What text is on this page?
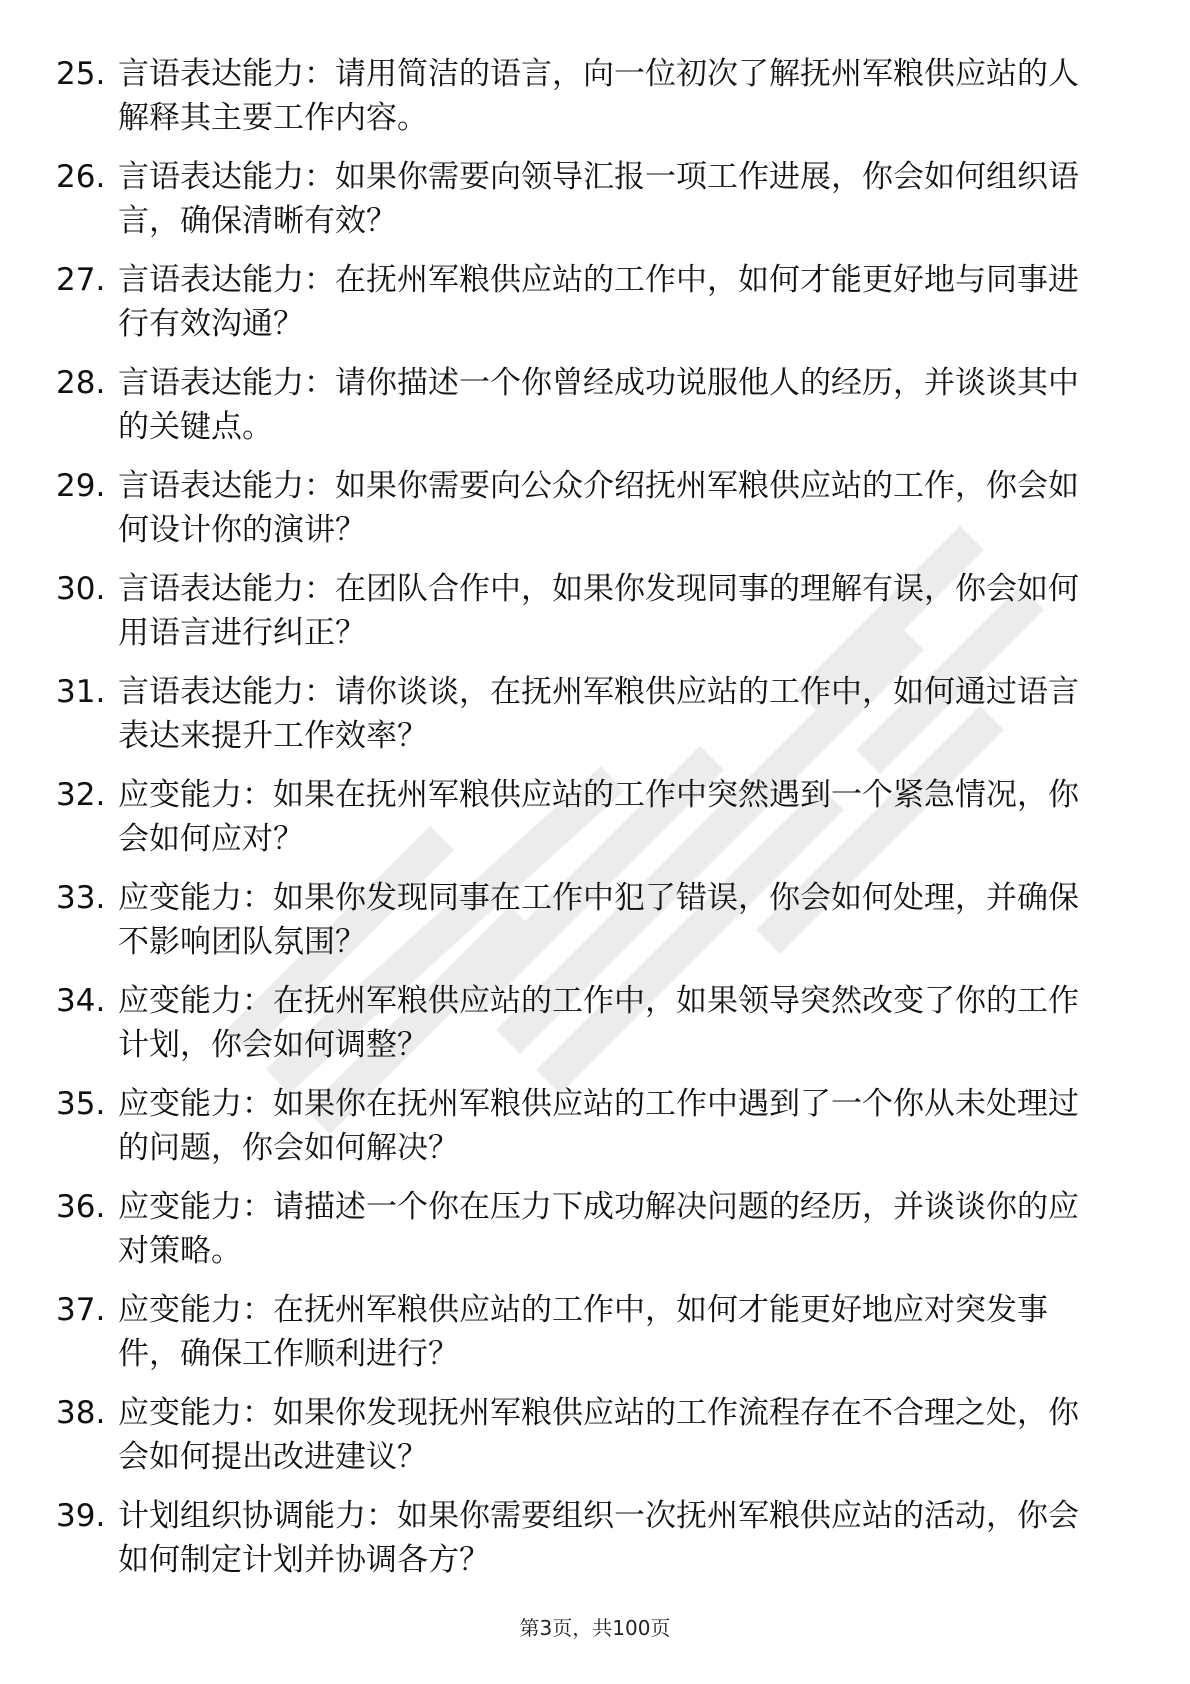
25. 言语表达能力：请用简洁的语言，向一位初次了解抚州军粮供应站的人解释其主要工作内容。
26. 言语表达能力：如果你需要向领导汇报一项工作进展，你会如何组织语言，确保清晰有效？
27. 言语表达能力：在抚州军粮供应站的工作中，如何才能更好地与同事进行有效沟通？
28. 言语表达能力：请你描述一个你曾经成功说服他人的经历，并谈谈其中的关键点。
29. 言语表达能力：如果你需要向公众介绍抚州军粮供应站的工作，你会如何设计你的演讲？
30. 言语表达能力：在团队合作中，如果你发现同事的理解有误，你会如何用语言进行纠正？
31. 言语表达能力：请你谈谈，在抚州军粮供应站的工作中，如何通过语言表达来提升工作效率？
32. 应变能力：如果在抚州军粮供应站的工作中突然遇到一个紧急情况，你会如何应对？
33. 应变能力：如果你发现同事在工作中犯了错误，你会如何处理，并确保不影响团队氛围？
34. 应变能力：在抚州军粮供应站的工作中，如果领导突然改变了你的工作计划，你会如何调整？
35. 应变能力：如果你在抚州军粮供应站的工作中遇到了一个你从未处理过的问题，你会如何解决？
36. 应变能力：请描述一个你在压力下成功解决问题的经历，并谈谈你的应对策略。
37. 应变能力：在抚州军粮供应站的工作中，如何才能更好地应对突发事件，确保工作顺利进行？
38. 应变能力：如果你发现抚州军粮供应站的工作流程存在不合理之处，你会如何提出改进建议？
39. 计划组织协调能力：如果你需要组织一次抚州军粮供应站的活动，你会如何制定计划并协调各方？
第3页，共100页
